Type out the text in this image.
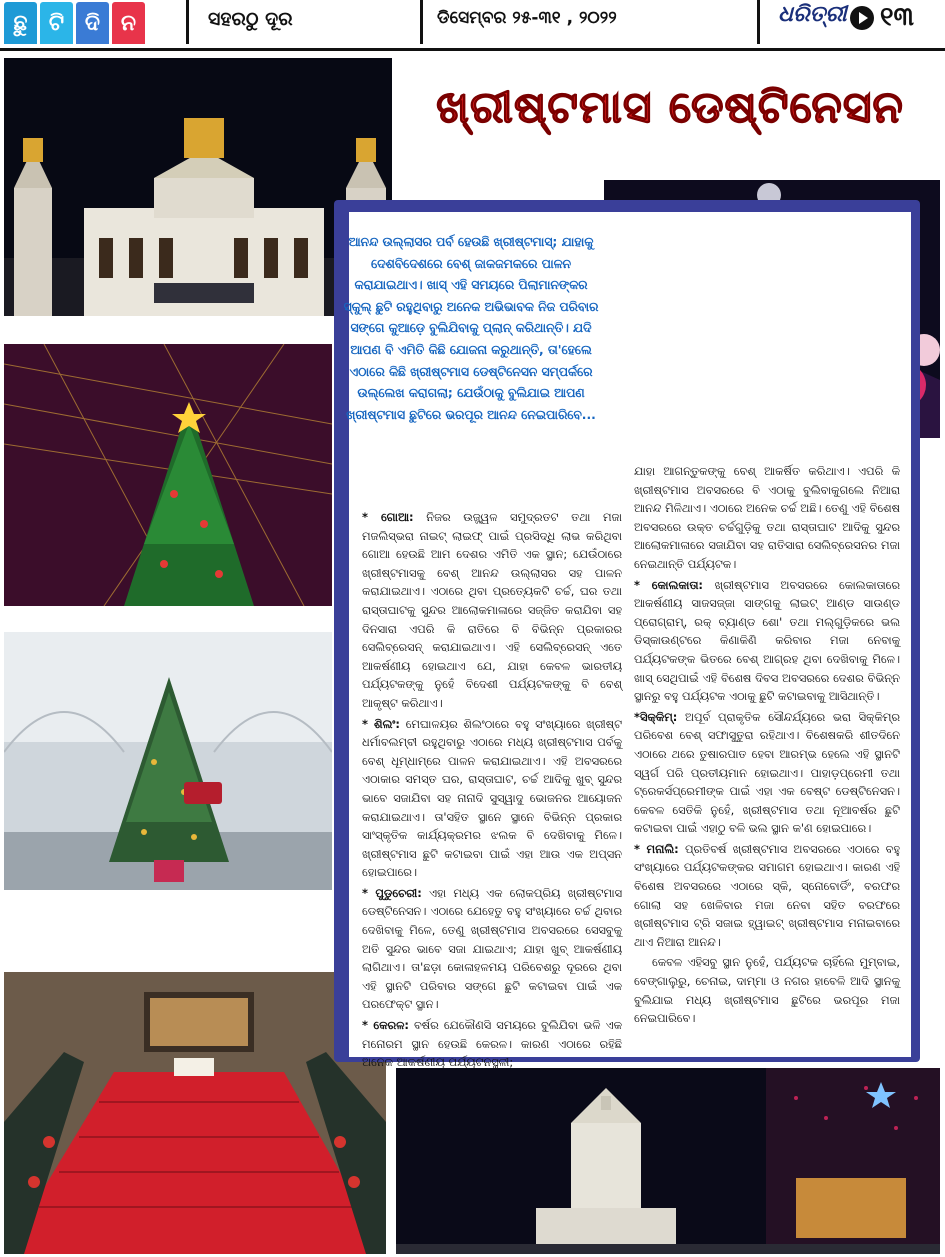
ଛୁ ଟି ଦି ନ	ସହରଠୁ ଦୂର	ଡିସେମ୍ବର ୨୫-୩୧ , ୨୦୨୨	ଧରିତ୍ରୀ ୧୩
ଖ୍ରୀଷ୍ଟମାସ ଡେଷ୍ଟିନେସନ
ଆନନ୍ଦ ଉଲ୍ଲାସର ପର୍ବ ହେଉଛି ଖ୍ରୀଷ୍ଟମାସ୍; ଯାହାକୁ ଦେଶବିଦେଶରେ ବେଶ୍ ଜାକଜମକରେ ପାଳନ କରାଯାଇଥାଏ। ଖାସ୍ ଏହି ସମୟରେ ପିଲାମାନଙ୍କର ସ୍କୁଲ୍ ଛୁଟି ରହୁଥିବାରୁ ଅନେକ ଅଭିଭାବକ ନିଜ ପରିବାର ସଙ୍ଗେ କୁଆଡ଼େ ବୁଲିଯିବାକୁ ପ୍ଲାନ୍ କରିଥାନ୍ତି। ଯଦି ଆପଣ ବି ଏମିତି କିଛି ଯୋଜନା କରୁଥାନ୍ତି, ତା'ହେଲେ ଏଠାରେ କିଛି ଖ୍ରୀଷ୍ଟମାସ ଡେଷ୍ଟିନେସନ ସମ୍ପର୍କରେ ଉଲ୍ଲେଖ କରାଗଲା; ଯେଉଁଠାକୁ ବୁଲିଯାଇ ଆପଣ ଖ୍ରୀଷ୍ଟମାସ ଛୁଟିରେ ଭରପୂର ଆନନ୍ଦ ନେଇପାରିବେ...

* ଗୋଆ: ନିଜର ଉଜ୍ଜ୍ୱଳ ସମୁଦ୍ରତଟ ତଥା ମଜା ମଜଲିସ୍‌ଭରା ନାଇଟ୍ ଲାଇଫ୍ ପାଇଁ ପ୍ରସିଦ୍ଧି ଲାଭ କରିଥିବା ଗୋଆ ହେଉଛି ଆମ ଦେଶର ଏମିତି ଏକ ସ୍ଥାନ; ଯେଉଁଠାରେ ଖ୍ରୀଷ୍ଟମାସକୁ ବେଶ୍ ଆନନ୍ଦ ଉଲ୍ଲାସର ସହ ପାଳନ କରାଯାଇଥାଏ। ଏଠାରେ ଥିବା ପ୍ରତ୍ୟେକଟି ଚର୍ଚ୍ଚ, ଘର ତଥା ରାସ୍ତାଘାଟକୁ ସୁନ୍ଦର ଆଲୋକମାଳାରେ ସଜ୍ଜିତ କରାଯିବା ସହ ଦିନସାରା ଏପରି କି ରାତିରେ ବି ବିଭିନ୍ନ ପ୍ରକାରର ସେଲିବ୍ରେସନ୍ କରାଯାଇଥାଏ। ଏହି ସେଲିବ୍ରେସନ୍ ଏତେ ଆକର୍ଷଣୀୟ ହୋଇଥାଏ ଯେ, ଯାହା କେବଳ ଭାରତୀୟ ପର୍ଯ୍ୟଟକଙ୍କୁ ନୁହେଁ ବିଦେଶୀ ପର୍ଯ୍ୟଟକଙ୍କୁ ବି ବେଶ୍ ଆକୃଷ୍ଟ କରିଥାଏ।

* ଶିଲଂ: ମେଘାଳୟର ଶିଲଂଠାରେ ବହୁ ସଂଖ୍ୟାରେ ଖ୍ରୀଷ୍ଟ ଧର୍ମାବଲମ୍ବୀ ରହୁଥିବାରୁ ଏଠାରେ ମଧ୍ୟ ଖ୍ରୀଷ୍ଟମାସ ପର୍ବକୁ ବେଶ୍ ଧୂମ୍‌ଧାମ୍‌ରେ ପାଳନ କରାଯାଇଥାଏ। ଏହି ଅବସରରେ ଏଠାକାର ସମସ୍ତ ଘର, ରାସ୍ତାଘାଟ, ଚର୍ଚ୍ଚ ଆଦିକୁ ଖୁବ୍ ସୁନ୍ଦର ଭାବେ ସଜାଯିବା ସହ ନାନାଦି ସୁସ୍ୱାଦୁ ଭୋଜନର ଆୟୋଜନ କରାଯାଇଥାଏ। ତା'ସହିତ ସ୍ଥାନେ ସ୍ଥାନେ ବିଭିନ୍ନ ପ୍ରକାର ସାଂସ୍କୃତିକ କାର୍ଯ୍ୟକ୍ରମର ଝଲକ ବି ଦେଖିବାକୁ ମିଳେ। ଖ୍ରୀଷ୍ଟମାସ ଛୁଟି କଟାଇବା ପାଇଁ ଏହା ଆଉ ଏକ ଅପ୍ସନ ହୋଇପାରେ।

* ପୁଡୁଚେରୀ: ଏହା ମଧ୍ୟ ଏକ ଲୋକପ୍ରିୟ ଖ୍ରୀଷ୍ଟମାସ ଡେଷ୍ଟିନେସନ। ଏଠାରେ ଯେହେତୁ ବହୁ ସଂଖ୍ୟାରେ ଚର୍ଚ୍ଚ ଥିବାର ଦେଖିବାକୁ ମିଳେ, ତେଣୁ ଖ୍ରୀଷ୍ଟମାସ ଅବସରରେ ସେସବୁକୁ ଅତି ସୁନ୍ଦର ଭାବେ ସଜା ଯାଇଥାଏ; ଯାହା ଖୁବ୍ ଆକର୍ଷଣୀୟ ଲାଗିଥାଏ। ତା'ଛଡ଼ା କୋଳାହଳମୟ ପରିବେଶରୁ ଦୂରରେ ଥିବା ଏହି ସ୍ଥାନଟି ପରିବାର ସଙ୍ଗେ ଛୁଟି କଟାଇବା ପାଇଁ ଏକ ପରଫେକ୍ଟ ସ୍ଥାନ।

* କେରଳ: ବର୍ଷର ଯେକୌଣସି ସମୟରେ ବୁଲିଯିବା ଭଳି ଏକ ମନୋରମ ସ୍ଥାନ ହେଉଛି କେରଳ। କାରଣ ଏଠାରେ ରହିଛି ଅନେକ ଆକର୍ଷଣୀୟ ପର୍ଯ୍ୟଟନସ୍ଥଳୀ;

ଯାହା ଆଗନ୍ତୁକଙ୍କୁ ବେଶ୍ ଆକର୍ଷିତ କରିଥାଏ। ଏପରି କି ଖ୍ରୀଷ୍ଟମାସ ଅବସରରେ ବି ଏଠାକୁ ବୁଲିବାକୁଗଲେ ନିଆରା ଆନନ୍ଦ ମିଳିଥାଏ। ଏଠାରେ ଅନେକ ଚର୍ଚ୍ଚ ଅଛି। ତେଣୁ ଏହି ବିଶେଷ ଅବସରରେ ଉକ୍ତ ଚର୍ଚ୍ଚଗୁଡ଼ିକୁ ତଥା ରାସ୍ତାଘାଟ ଆଦିକୁ ସୁନ୍ଦର ଆଲୋକମାଳାରେ ସଜାଯିବା ସହ ରାତିସାରା ସେଲିବ୍ରେସନର ମଜା ନେଇଥାନ୍ତି ପର୍ଯ୍ୟଟକ।

* କୋଲକାତା: ଖ୍ରୀଷ୍ଟମାସ ଅବସରରେ କୋଲକାତାରେ ଆକର୍ଷଣୀୟ ସାଜସଜ୍ଜା ସାଙ୍ଗକୁ ଲାଇଟ୍ ଆଣ୍ଡ ସାଉଣ୍ଡ ପ୍ରୋଗ୍ରାମ୍, ରକ୍ ବ୍ୟାଣ୍ଡ ଶୋ' ତଥା ମଲ୍‌ଗୁଡ଼ିକରେ ଭଲ ଡିସ୍‌କାଉଣ୍ଟରେ କିଣାକିଣି କରିବାର ମଜା ନେବାକୁ ପର୍ଯ୍ୟଟକଙ୍କ ଭିତରେ ବେଶ୍ ଆଗ୍ରହ ଥିବା ଦେଖିବାକୁ ମିଳେ। ଖାସ୍ ସେଥିପାଇଁ ଏହି ବିଶେଷ ଦିବସ ଅବସରରେ ଦେଶର ବିଭିନ୍ନ ସ୍ଥାନରୁ ବହୁ ପର୍ଯ୍ୟଟକ ଏଠାକୁ ଛୁଟି କଟାଇବାକୁ ଆସିଥାନ୍ତି।

*ସିକ୍କିମ୍: ଅପୂର୍ବ ପ୍ରାକୃତିକ ସୌନ୍ଦର୍ଯ୍ୟରେ ଭରା ସିକ୍କିମ୍‌ର ପରିବେଶ ବେଶ୍ ସଫାସୁତୁରା ରହିଥାଏ। ବିଶେଷକରି ଶୀତଦିନେ ଏଠାରେ ଥରେ ତୁଷାରପାତ ହେବା ଆରମ୍ଭ ହେଲେ ଏହି ସ୍ଥାନଟି ସ୍ୱର୍ଗ ପରି ପ୍ରତୀୟମାନ ହୋଇଥାଏ। ପାହାଡ଼ପ୍ରେମୀ ତଥା ଟ୍ରେକର୍ସପ୍ରେମୀଙ୍କ ପାଇଁ ଏହା ଏକ ବେଷ୍ଟ ଡେଷ୍ଟିନେସନ। କେବଳ ସେତିକି ନୁହେଁ, ଖ୍ରୀଷ୍ଟମାସ ତଥା ନୂଆବର୍ଷର ଛୁଟି କଟାଇବା ପାଇଁ ଏହାଠୁ ବଳି ଭଲ ସ୍ଥାନ କ'ଣ ହୋଇପାରେ।

* ମନାଲି: ପ୍ରତିବର୍ଷ ଖ୍ରୀଷ୍ଟମାସ ଅବସରରେ ଏଠାରେ ବହୁ ସଂଖ୍ୟାରେ ପର୍ଯ୍ୟଟକଙ୍କର ସମାଗମ ହୋଇଥାଏ। କାରଣ ଏହି ବିଶେଷ ଅବସରରେ ଏଠାରେ ସ୍କି, ସ୍ନୋବୋର୍ଡିଂ, ବରଫର ଗୋଲା ସହ ଖେଳିବାର ମଜା ନେବା ସହିତ ବରଫରେ ଖ୍ରୀଷ୍ଟମାସ ଟ୍ରି ସଜାଇ ହ୍ୱାଇଟ୍ ଖ୍ରୀଷ୍ଟମାସ ମନାଇବାରେ ଥାଏ ନିଆରା ଆନନ୍ଦ।

କେବଳ ଏହିସବୁ ସ୍ଥାନ ନୁହେଁ, ପର୍ଯ୍ୟଟକ ଚାହିଁଲେ ମୁମ୍ବାଇ, ବେଙ୍ଗାଲୁରୁ, ଚେନାଇ, ଦାମ୍ମା ଓ ନଗର ହାବେଳି ଆଦି ସ୍ଥାନକୁ ବୁଲିଯାଇ ମଧ୍ୟ ଖ୍ରୀଷ୍ଟମାସ ଛୁଟିରେ ଭରପୂର ମଜା ନେଇପାରିବେ।
